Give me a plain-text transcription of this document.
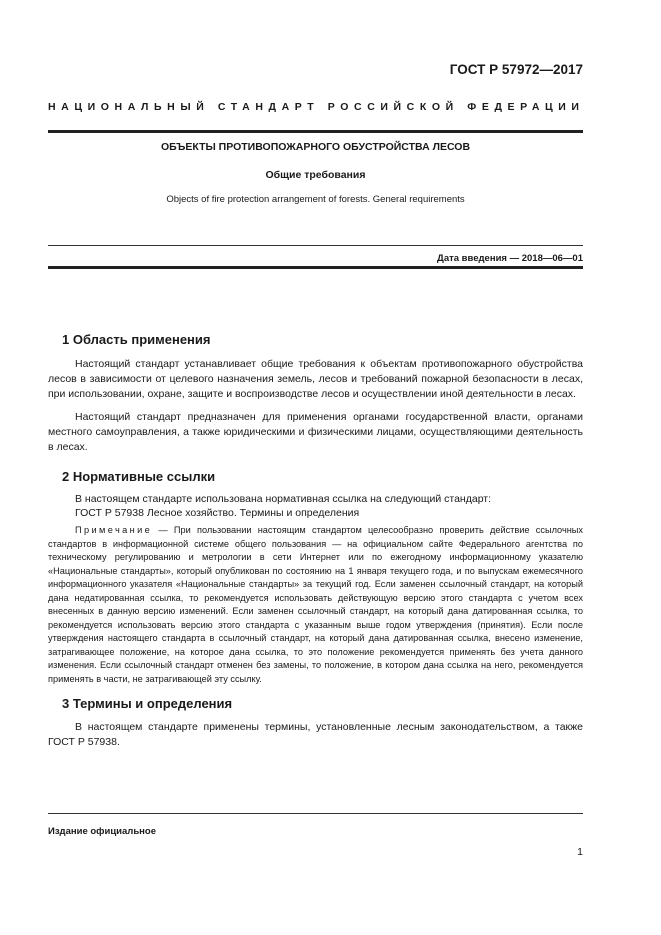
ГОСТ Р 57972—2017
НАЦИОНАЛЬНЫЙ СТАНДАРТ РОССИЙСКОЙ ФЕДЕРАЦИИ
ОБЪЕКТЫ ПРОТИВОПОЖАРНОГО ОБУСТРОЙСТВА ЛЕСОВ
Общие требования
Objects of fire protection arrangement of forests. General requirements
Дата введения — 2018—06—01
1 Область применения
Настоящий стандарт устанавливает общие требования к объектам противопожарного обустройства лесов в зависимости от целевого назначения земель, лесов и требований пожарной безопасности в лесах, при использовании, охране, защите и воспроизводстве лесов и осуществлении иной деятельности в лесах.
Настоящий стандарт предназначен для применения органами государственной власти, органами местного самоуправления, а также юридическими и физическими лицами, осуществляющими деятельность в лесах.
2 Нормативные ссылки
В настоящем стандарте использована нормативная ссылка на следующий стандарт:
ГОСТ Р 57938 Лесное хозяйство. Термины и определения
Примечание — При пользовании настоящим стандартом целесообразно проверить действие ссылочных стандартов в информационной системе общего пользования — на официальном сайте Федерального агентства по техническому регулированию и метрологии в сети Интернет или по ежегодному информационному указателю «Национальные стандарты», который опубликован по состоянию на 1 января текущего года, и по выпускам ежемесячного информационного указателя «Национальные стандарты» за текущий год. Если заменен ссылочный стандарт, на который дана недатированная ссылка, то рекомендуется использовать действующую версию этого стандарта с учетом всех внесенных в данную версию изменений. Если заменен ссылочный стандарт, на который дана датированная ссылка, то рекомендуется использовать версию этого стандарта с указанным выше годом утверждения (принятия). Если после утверждения настоящего стандарта в ссылочный стандарт, на который дана датированная ссылка, внесено изменение, затрагивающее положение, на которое дана ссылка, то это положение рекомендуется применять без учета данного изменения. Если ссылочный стандарт отменен без замены, то положение, в котором дана ссылка на него, рекомендуется применять в части, не затрагивающей эту ссылку.
3 Термины и определения
В настоящем стандарте применены термины, установленные лесным законодательством, а также ГОСТ Р 57938.
Издание официальное
1
